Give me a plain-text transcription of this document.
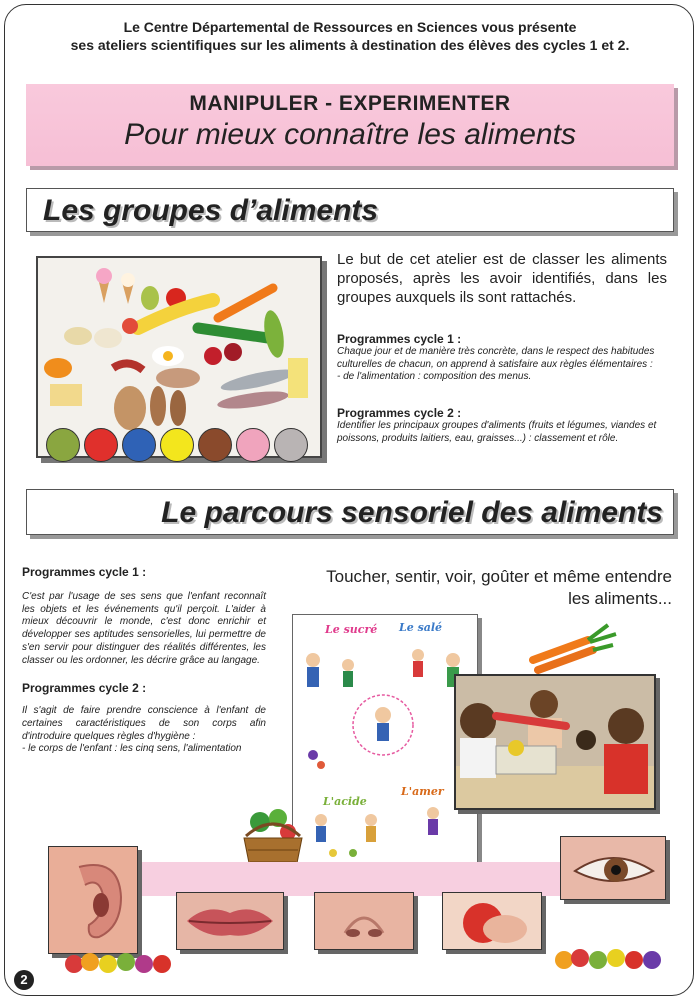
Le Centre Départemental de Ressources en Sciences vous présente
ses ateliers scientifiques sur les aliments à destination des élèves des cycles 1 et 2.
MANIPULER - EXPERIMENTER
Pour mieux connaître les aliments
Les groupes d’aliments
Le but de cet atelier est de classer les aliments proposés, après les avoir identifiés, dans les groupes auxquels ils sont rattachés.
Programmes cycle 1 :
Chaque jour et de manière très concrète, dans le respect des habitudes culturelles de chacun, on apprend à satisfaire aux règles élémentaires :
- de l'alimentation : composition des menus.
Programmes cycle 2 :
Identifier les principaux groupes d'aliments (fruits et légumes, viandes et poissons, produits laitiers, eau, graisses...) : classement et rôle.
Le parcours sensoriel des aliments
Programmes cycle 1 :
C'est par l'usage de ses sens que l'enfant reconnaît les objets et les événements qu'il perçoit. L'aider à mieux découvrir le monde, c'est donc enrichir et développer ses aptitudes sensorielles, lui permettre de s'en servir pour distinguer des réalités différentes, les classer ou les ordonner, les décrire grâce au langage.
Programmes cycle 2 :
Il s'agit de faire prendre conscience à l'enfant de certaines caractéristiques de son corps afin d'introduire quelques règles d'hygiène :
- le corps de l'enfant : les cinq sens, l'alimentation
Toucher, sentir, voir, goûter et même entendre
les aliments...
Le sucré Le salé
L'acide
L'amer
2
